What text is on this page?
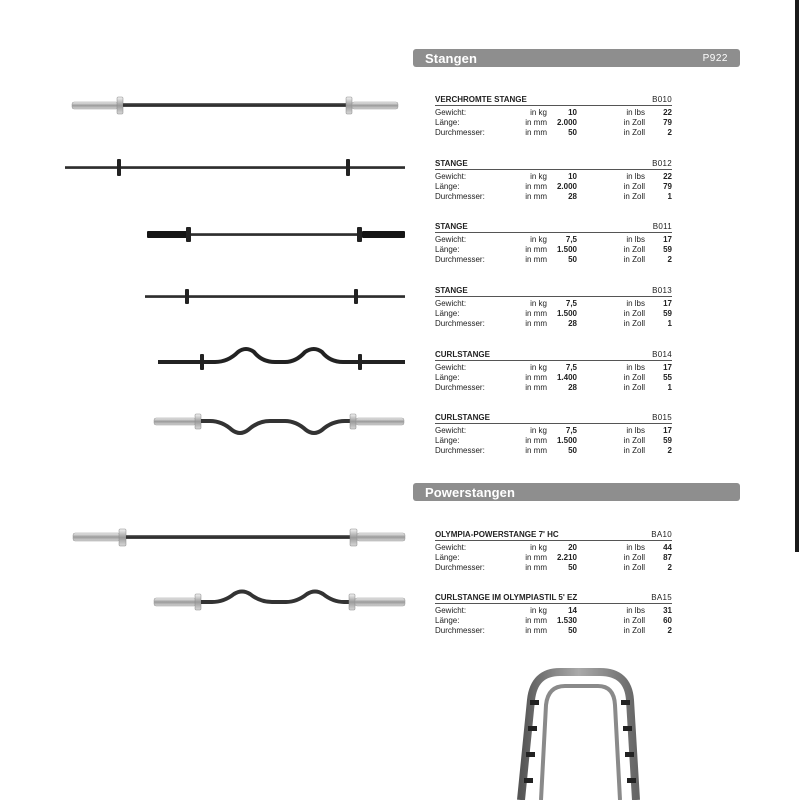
Stangen	P922
Powerstangen
VERCHROMTE STANGE	B010
Gewicht:	in kg	10	in lbs 22
Länge:	in mm 2.000	in Zoll 79
Durchmesser:	in mm	50	in Zoll	2
STANGE	B012
Gewicht:	in kg	10	in lbs 22
Länge:	in mm 2.000	in Zoll 79
Durchmesser:	in mm	28	in Zoll	1
STANGE	B011
Gewicht:	in kg 7,5	in lbs 17
Länge:	in mm 1.500	in Zoll 59
Durchmesser:	in mm	50	in Zoll	2
STANGE	B013
Gewicht:	in kg 7,5	in lbs 17
Länge:	in mm 1.500	in Zoll 59
Durchmesser:	in mm	28	in Zoll	1
CURLSTANGE	B014
Gewicht:	in kg 7,5	in lbs 17
Länge:	in mm 1.400	in Zoll 55
Durchmesser:	in mm	28	in Zoll	1
CURLSTANGE	B015
Gewicht:	in kg 7,5	in lbs 17
Länge:	in mm 1.500	in Zoll 59
Durchmesser:	in mm	50	in Zoll	2
OLYMPIA-POWERSTANGE 7' HC	BA10
Gewicht:	in kg	20	in lbs 44
Länge:	in mm 2.210	in Zoll 87
Durchmesser:	in mm	50	in Zoll	2
CURLSTANGE IM OLYMPIASTIL 5' EZ	BA15
Gewicht:	in kg	14	in lbs 31
Länge:	in mm 1.530	in Zoll 60
Durchmesser:	in mm	50	in Zoll	2
